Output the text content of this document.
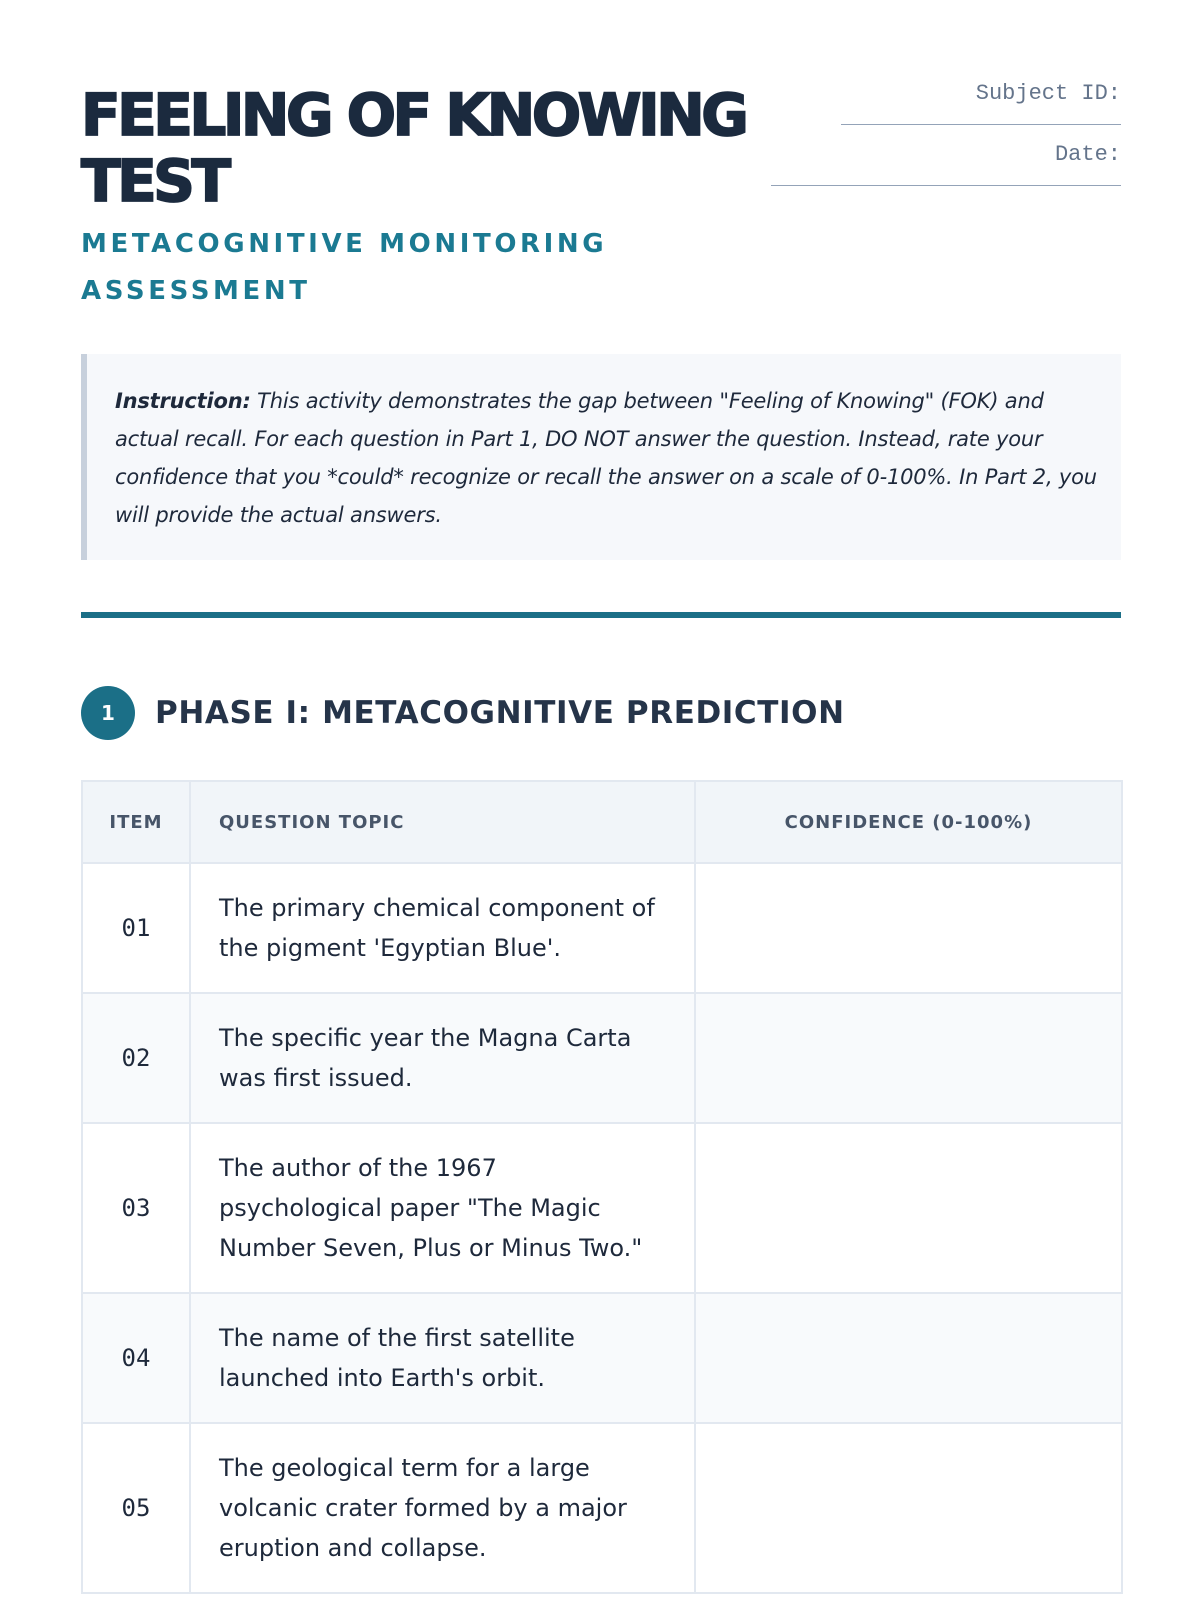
FEELING OF KNOWING TEST
METACOGNITIVE MONITORING ASSESSMENT
Subject ID:
Date:
Instruction: This activity demonstrates the gap between "Feeling of Knowing" (FOK) and actual recall. For each question in Part 1, DO NOT answer the question. Instead, rate your confidence that you *could* recognize or recall the answer on a scale of 0-100%. In Part 2, you will provide the actual answers.
1	PHASE I: METACOGNITIVE PREDICTION
ITEM	QUESTION TOPIC	CONFIDENCE (0-100%)
01	The primary chemical component of the pigment 'Egyptian Blue'.	
02	The specific year the Magna Carta was first issued.	
03	The author of the 1967 psychological paper "The Magic Number Seven, Plus or Minus Two."	
04	The name of the first satellite launched into Earth's orbit.	
05	The geological term for a large volcanic crater formed by a major eruption and collapse.	
